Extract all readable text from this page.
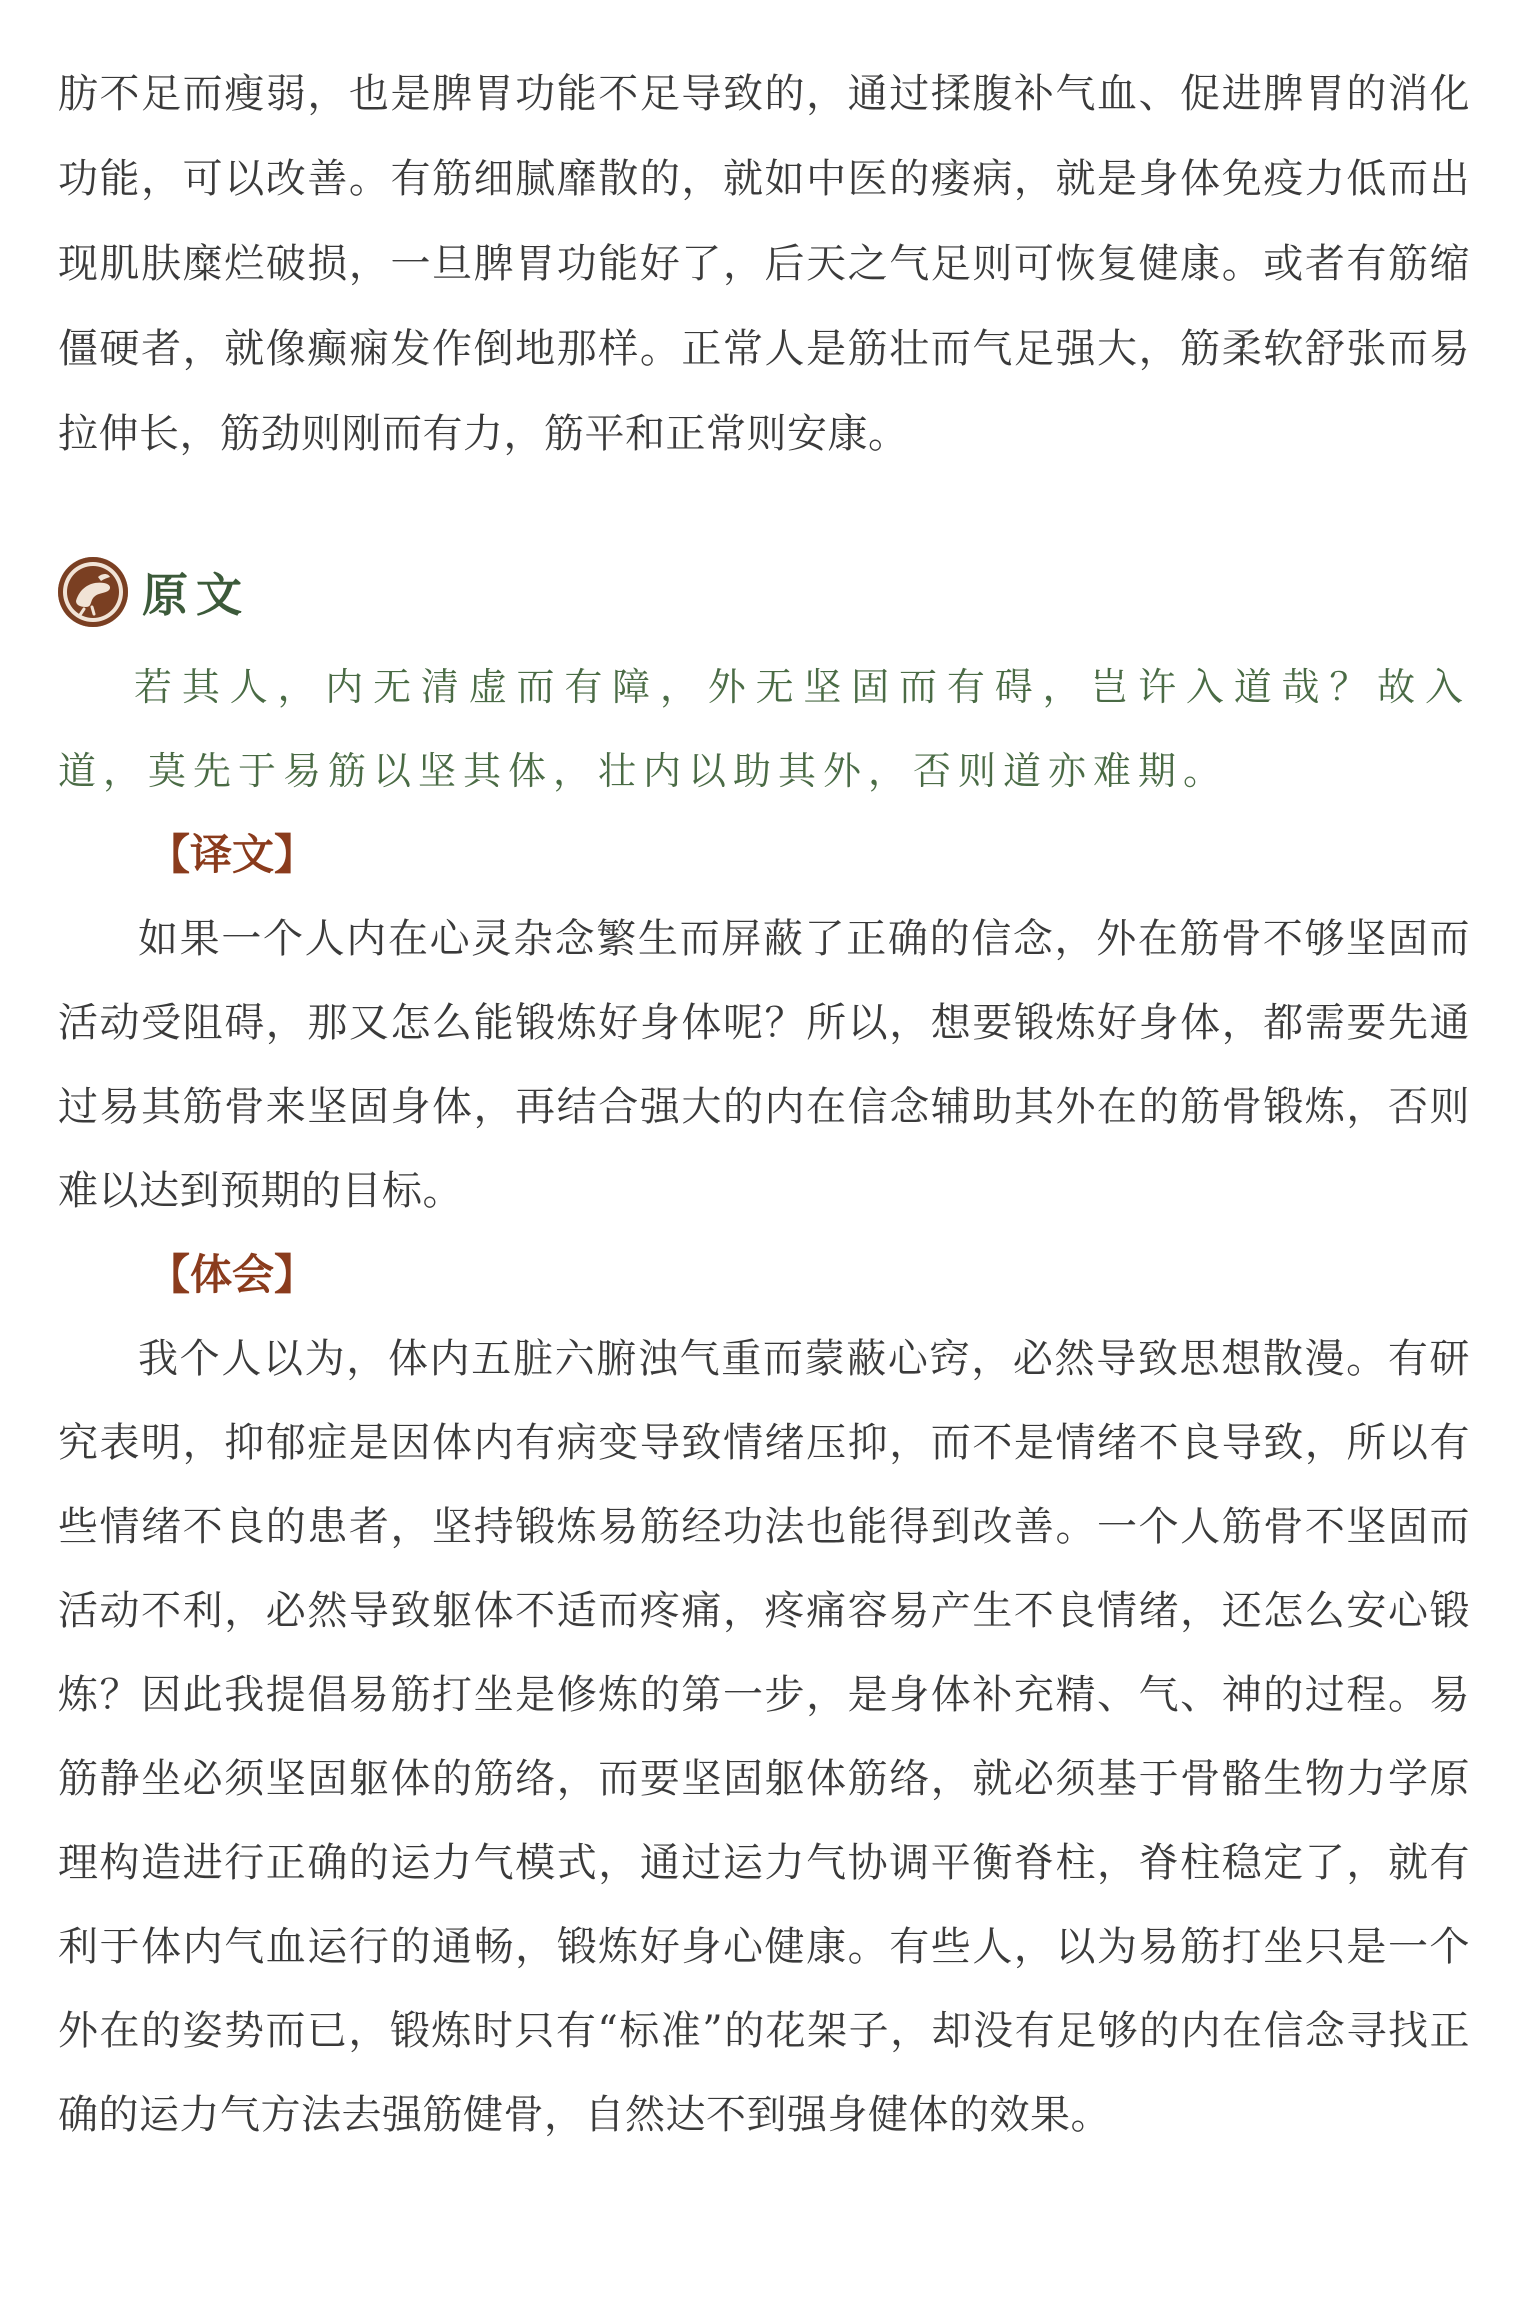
肪不足而瘦弱，也是脾胃功能不足导致的，通过揉腹补气血、促进脾胃的消化功能，可以改善。有筋细腻靡散的，就如中医的瘘病，就是身体免疫力低而出现肌肤糜烂破损，一旦脾胃功能好了，后天之气足则可恢复健康。或者有筋缩僵硬者，就像癫痫发作倒地那样。正常人是筋壮而气足强大，筋柔软舒张而易拉伸长，筋劲则刚而有力，筋平和正常则安康。

原文

若其人，内无清虚而有障，外无坚固而有碍，岂许入道哉？故入道，莫先于易筋以坚其体，壮内以助其外，否则道亦难期。

【译文】

如果一个人内在心灵杂念繁生而屏蔽了正确的信念，外在筋骨不够坚固而活动受阻碍，那又怎么能锻炼好身体呢？所以，想要锻炼好身体，都需要先通过易其筋骨来坚固身体，再结合强大的内在信念辅助其外在的筋骨锻炼，否则难以达到预期的目标。

【体会】

我个人以为，体内五脏六腑浊气重而蒙蔽心窍，必然导致思想散漫。有研究表明，抑郁症是因体内有病变导致情绪压抑，而不是情绪不良导致，所以有些情绪不良的患者，坚持锻炼易筋经功法也能得到改善。一个人筋骨不坚固而活动不利，必然导致躯体不适而疼痛，疼痛容易产生不良情绪，还怎么安心锻炼？因此我提倡易筋打坐是修炼的第一步，是身体补充精、气、神的过程。易筋静坐必须坚固躯体的筋络，而要坚固躯体筋络，就必须基于骨骼生物力学原理构造进行正确的运力气模式，通过运力气协调平衡脊柱，脊柱稳定了，就有利于体内气血运行的通畅，锻炼好身心健康。有些人，以为易筋打坐只是一个外在的姿势而已，锻炼时只有“标准”的花架子，却没有足够的内在信念寻找正确的运力气方法去强筋健骨，自然达不到强身健体的效果。
